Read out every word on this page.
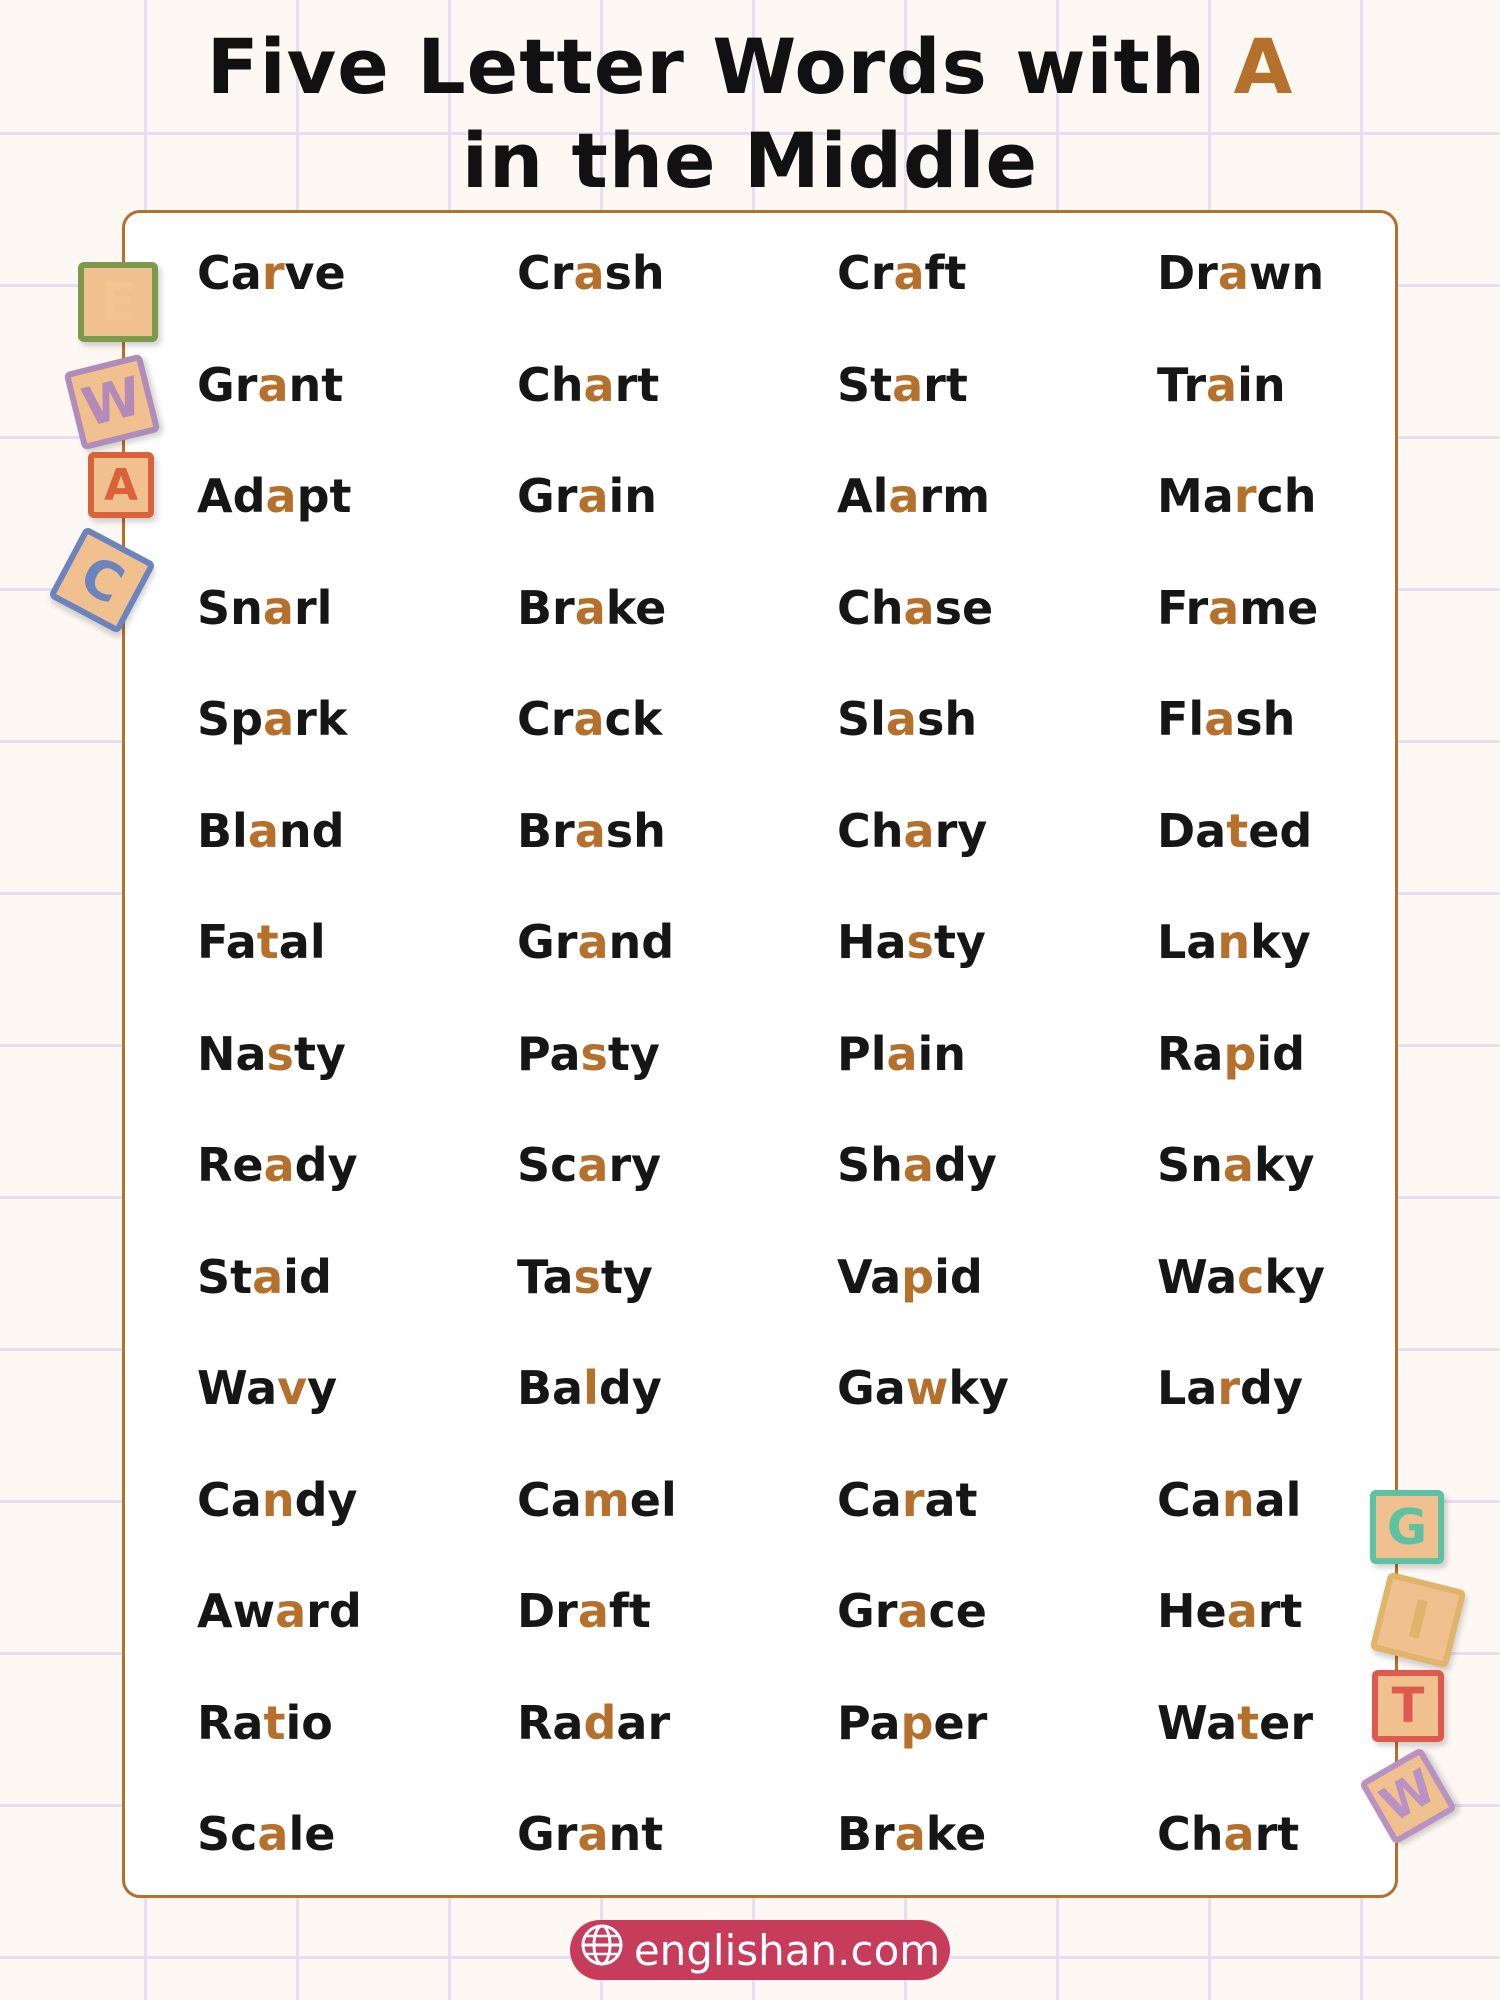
Five Letter Words with A
in the Middle
Carve	Crash	Craft	Drawn
Grant	Chart	Start	Train
Adapt	Grain	Alarm	March
Snarl	Brake	Chase	Frame
Spark	Crack	Slash	Flash
Bland	Brash	Chary	Dated
Fatal	Grand	Hasty	Lanky
Nasty	Pasty	Plain	Rapid
Ready	Scary	Shady	Snaky
Staid	Tasty	Vapid	Wacky
Wavy	Baldy	Gawky	Lardy
Candy	Camel	Carat	Canal
Award	Draft	Grace	Heart
Ratio	Radar	Paper	Water
Scale	Grant	Brake	Chart
E
W
A
C
G
I
T
W
englishan.com
